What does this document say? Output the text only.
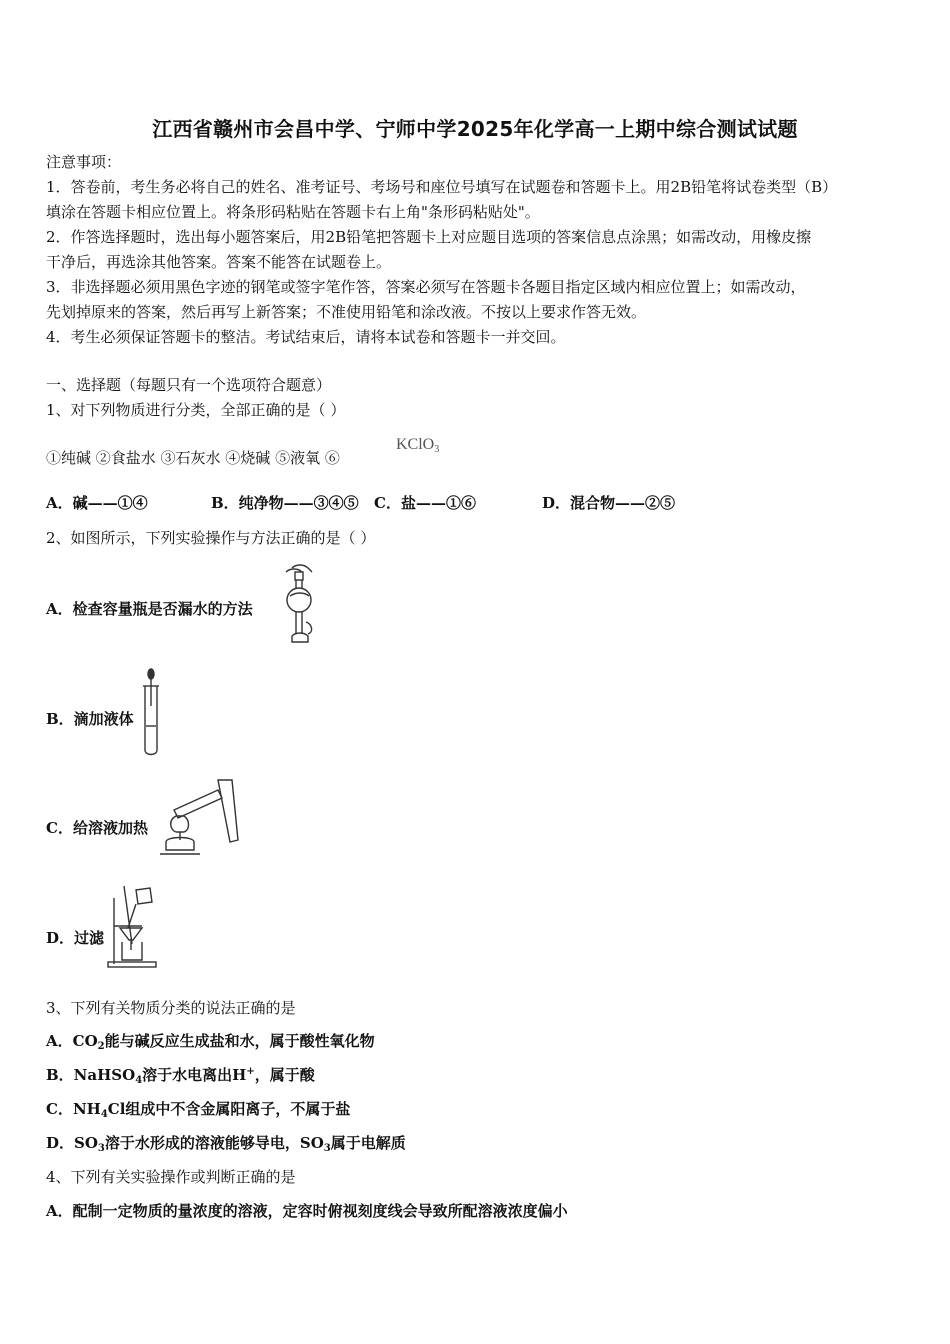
江西省赣州市会昌中学、宁师中学2025年化学高一上期中综合测试试题
注意事项：
1．答卷前，考生务必将自己的姓名、准考证号、考场号和座位号填写在试题卷和答题卡上。用2B铅笔将试卷类型（B）
填涂在答题卡相应位置上。将条形码粘贴在答题卡右上角"条形码粘贴处"。
2．作答选择题时，选出每小题答案后，用2B铅笔把答题卡上对应题目选项的答案信息点涂黑；如需改动，用橡皮擦
干净后，再选涂其他答案。答案不能答在试题卷上。
3．非选择题必须用黑色字迹的钢笔或签字笔作答，答案必须写在答题卡各题目指定区域内相应位置上；如需改动，
先划掉原来的答案，然后再写上新答案；不准使用铅笔和涂改液。不按以上要求作答无效。
4．考生必须保证答题卡的整洁。考试结束后，请将本试卷和答题卡一并交回。
一、选择题（每题只有一个选项符合题意）
1、对下列物质进行分类，全部正确的是（ ）
①纯碱 ②食盐水 ③石灰水 ④烧碱 ⑤液氧 ⑥
KClO$_3$
A．碱——①④	B．纯净物——③④⑤ C．盐——①⑥	D．混合物——②⑤
2、如图所示，下列实验操作与方法正确的是（ ）
A．检查容量瓶是否漏水的方法
B．滴加液体
C．给溶液加热
D．过滤
3、下列有关物质分类的说法正确的是
A．$CO_2$能与碱反应生成盐和水，属于酸性氧化物
B．NaHSO$_4$溶于水电离出H+，属于酸
C．$NH_4Cl$组成中不含金属阳离子，不属于盐
D．$SO_3$溶于水形成的溶液能够导电，$SO_3$属于电解质
4、下列有关实验操作或判断正确的是
A．配制一定物质的量浓度的溶液，定容时俯视刻度线会导致所配溶液浓度偏小
